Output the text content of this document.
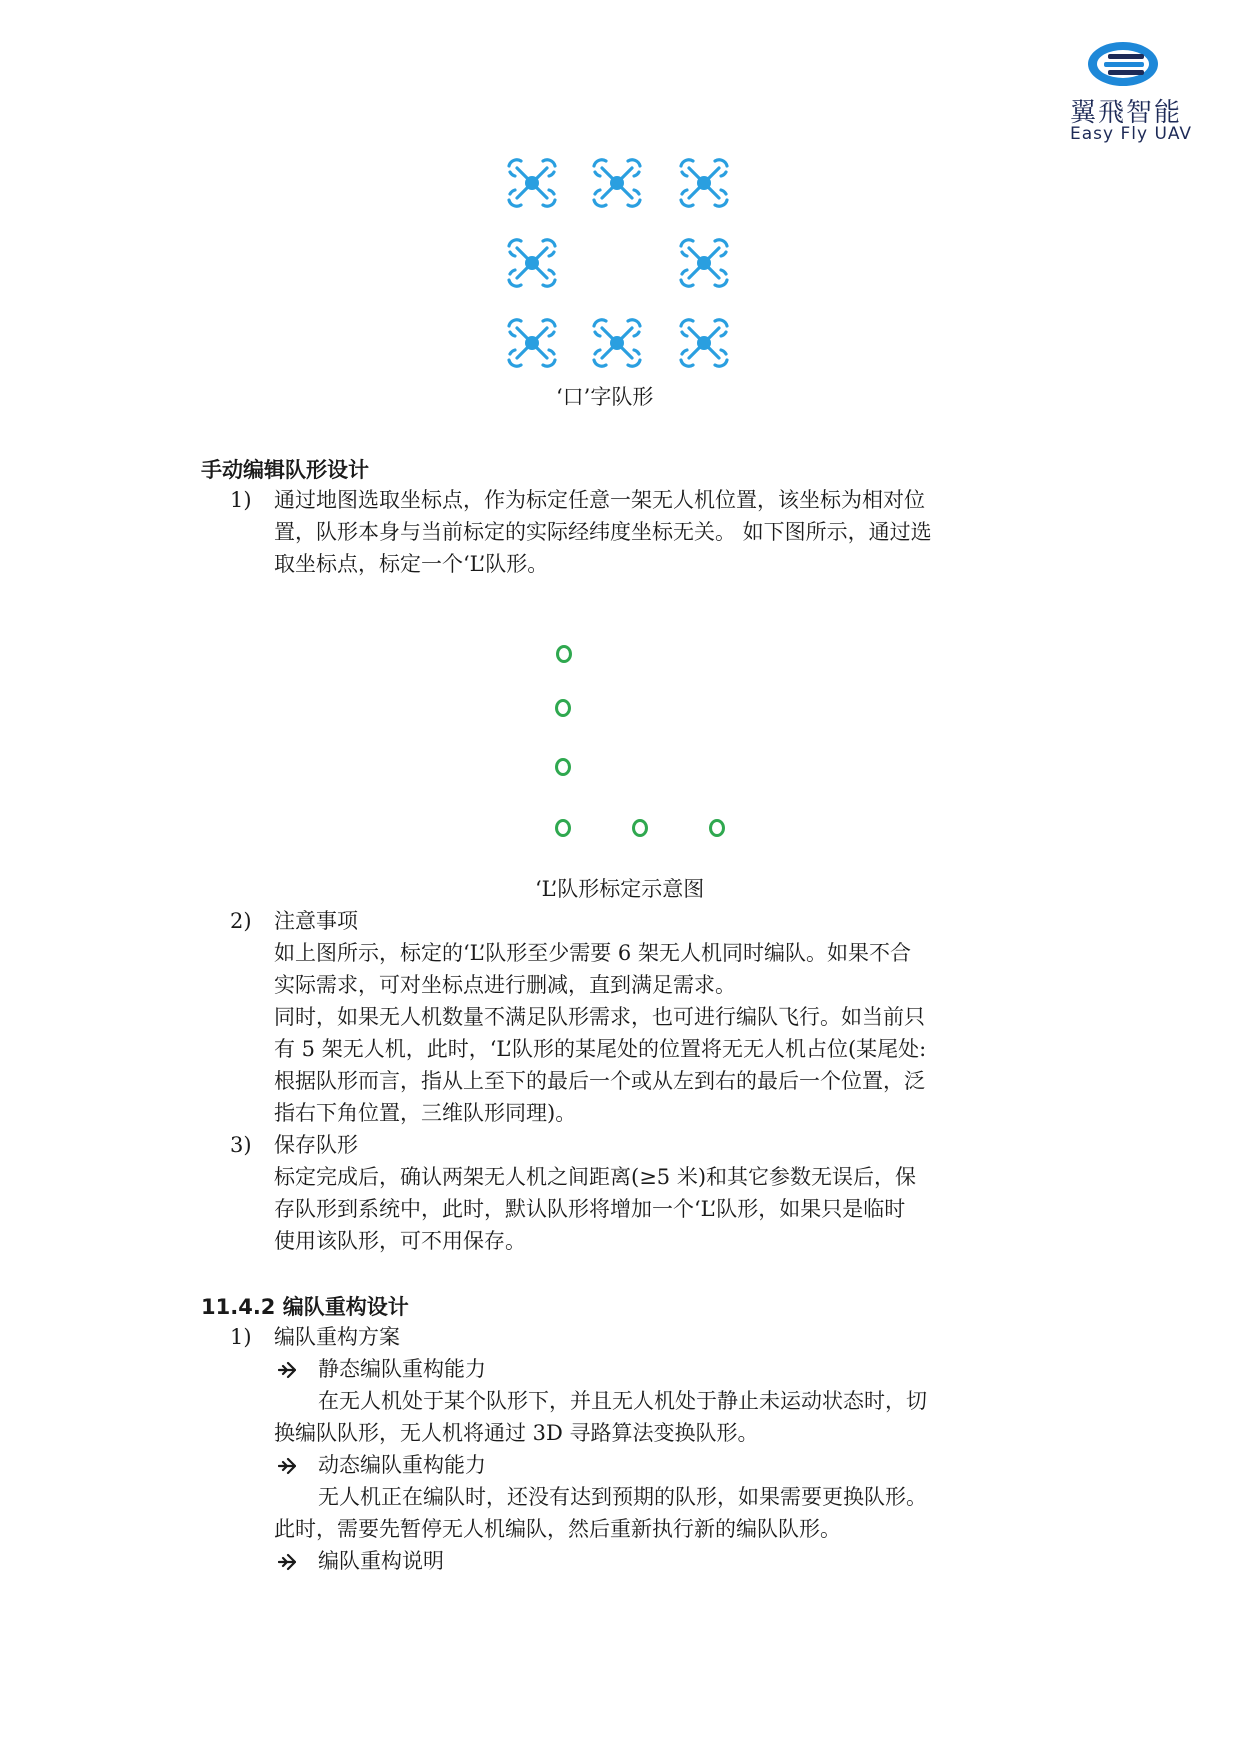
翼飛智能
Easy Fly UAV
‘口’字队形
手动编辑队形设计
1) 通过地图选取坐标点，作为标定任意一架无人机位置，该坐标为相对位
置，队形本身与当前标定的实际经纬度坐标无关。 如下图所示，通过选
取坐标点，标定一个‘L’队形。
‘L’队形标定示意图
2) 注意事项
如上图所示，标定的‘L’队形至少需要 6 架无人机同时编队。如果不合
实际需求，可对坐标点进行删减，直到满足需求。
同时，如果无人机数量不满足队形需求，也可进行编队飞行。如当前只
有 5 架无人机，此时，‘L’队形的某尾处的位置将无无人机占位(某尾处:
根据队形而言，指从上至下的最后一个或从左到右的最后一个位置，泛
指右下角位置，三维队形同理)。
3) 保存队形
标定完成后，确认两架无人机之间距离(≥5 米)和其它参数无误后，保
存队形到系统中，此时，默认队形将增加一个‘L’队形，如果只是临时
使用该队形，可不用保存。
11.4.2 编队重构设计
1) 编队重构方案
静态编队重构能力
在无人机处于某个队形下，并且无人机处于静止未运动状态时，切
换编队队形，无人机将通过 3D 寻路算法变换队形。
动态编队重构能力
无人机正在编队时，还没有达到预期的队形，如果需要更换队形。
此时，需要先暂停无人机编队，然后重新执行新的编队队形。
编队重构说明
